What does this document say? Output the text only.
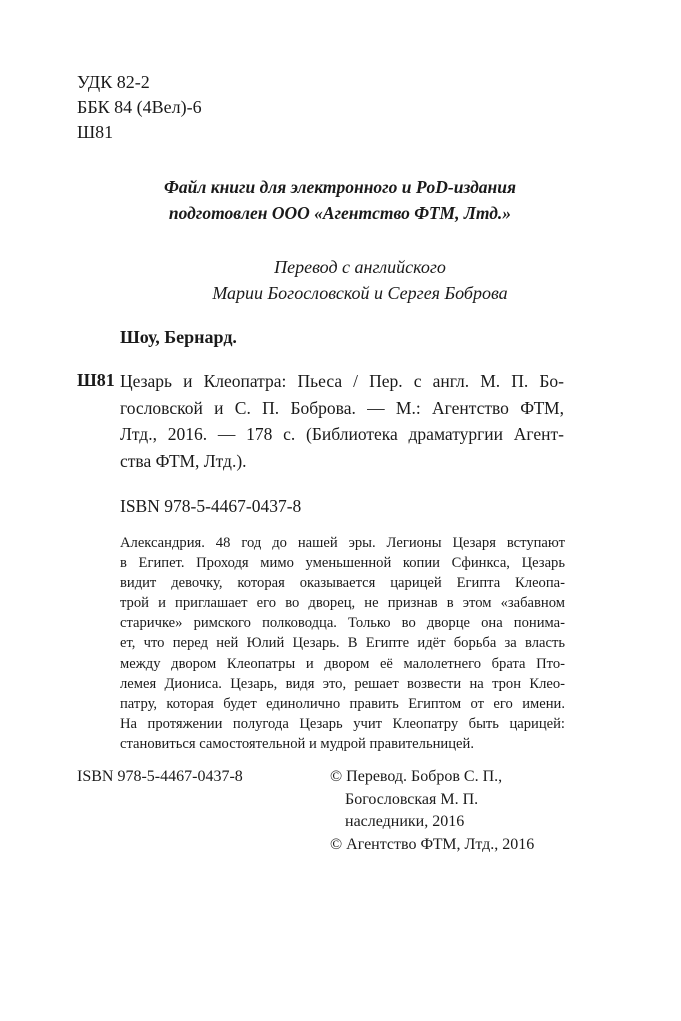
УДК 82-2
ББК 84 (4Вел)-6
Ш81
Файл книги для электронного и PoD-издания
подготовлен ООО «Агентство ФТМ, Лтд.»
Перевод с английского
Марии Богословской и Сергея Боброва
Шоу, Бернард.
Ш81 Цезарь и Клеопатра: Пьеса / Пер. с англ. М. П. Бо-
гословской и С. П. Боброва. — М.: Агентство ФТМ,
Лтд., 2016. — 178 с. (Библиотека драматургии Агент-
ства ФТМ, Лтд.).
ISBN 978-5-4467-0437-8
Александрия. 48 год до нашей эры. Легионы Цезаря вступают
в Египет. Проходя мимо уменьшенной копии Сфинкса, Цезарь
видит девочку, которая оказывается царицей Египта Клеопа-
трой и приглашает его во дворец, не признав в этом «забавном
старичке» римского полководца. Только во дворце она понима-
ет, что перед ней Юлий Цезарь. В Египте идёт борьба за власть
между двором Клеопатры и двором её малолетнего брата Пто-
лемея Диониса. Цезарь, видя это, решает возвести на трон Клео-
патру, которая будет единолично править Египтом от его имени.
На протяжении полугода Цезарь учит Клеопатру быть царицей:
становиться самостоятельной и мудрой правительницей.
ISBN 978-5-4467-0437-8	© Перевод. Бобров С. П.,
Богословская М. П.
наследники, 2016
© Агентство ФТМ, Лтд., 2016
